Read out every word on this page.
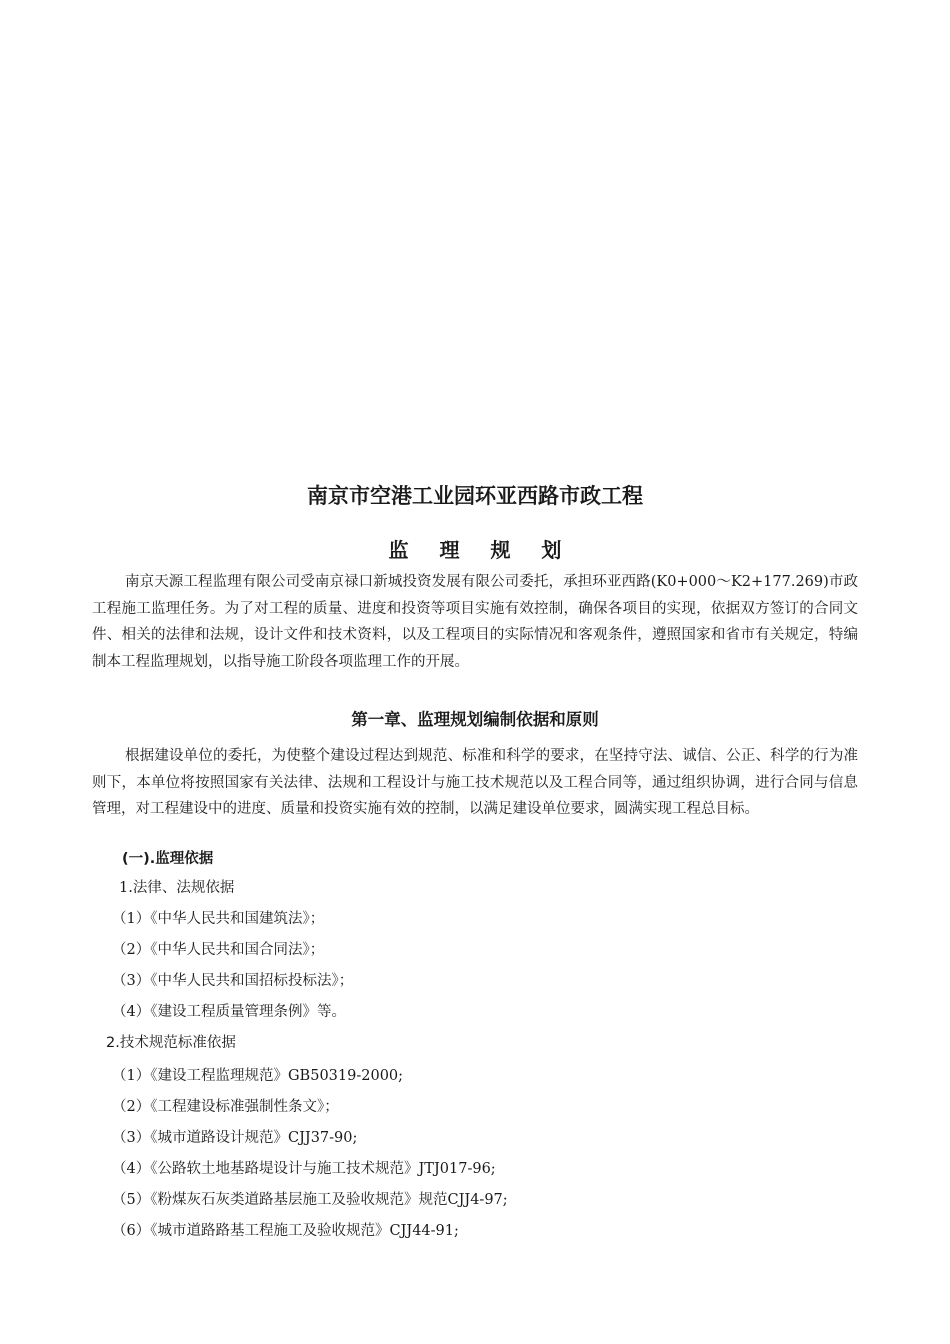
南京市空港工业园环亚西路市政工程
监 理 规 划

南京天源工程监理有限公司受南京禄口新城投资发展有限公司委托，承担环亚西路(K0+000～K2+177.269)市政工程施工监理任务。为了对工程的质量、进度和投资等项目实施有效控制，确保各项目的实现，依据双方签订的合同文件、相关的法律和法规，设计文件和技术资料，以及工程项目的实际情况和客观条件，遵照国家和省市有关规定，特编制本工程监理规划，以指导施工阶段各项监理工作的开展。

第一章、监理规划编制依据和原则

根据建设单位的委托，为使整个建设过程达到规范、标准和科学的要求，在坚持守法、诚信、公正、科学的行为准则下，本单位将按照国家有关法律、法规和工程设计与施工技术规范以及工程合同等，通过组织协调，进行合同与信息管理，对工程建设中的进度、质量和投资实施有效的控制，以满足建设单位要求，圆满实现工程总目标。

(一).监理依据
1.法律、法规依据
（1）《中华人民共和国建筑法》；
（2）《中华人民共和国合同法》；
（3）《中华人民共和国招标投标法》；
（4）《建设工程质量管理条例》等。
2.技术规范标准依据
（1）《建设工程监理规范》GB50319-2000;
（2）《工程建设标准强制性条文》；
（3）《城市道路设计规范》CJJ37-90;
（4）《公路软土地基路堤设计与施工技术规范》JTJ017-96;
（5）《粉煤灰石灰类道路基层施工及验收规范》规范CJJ4-97;
（6）《城市道路路基工程施工及验收规范》CJJ44-91;
